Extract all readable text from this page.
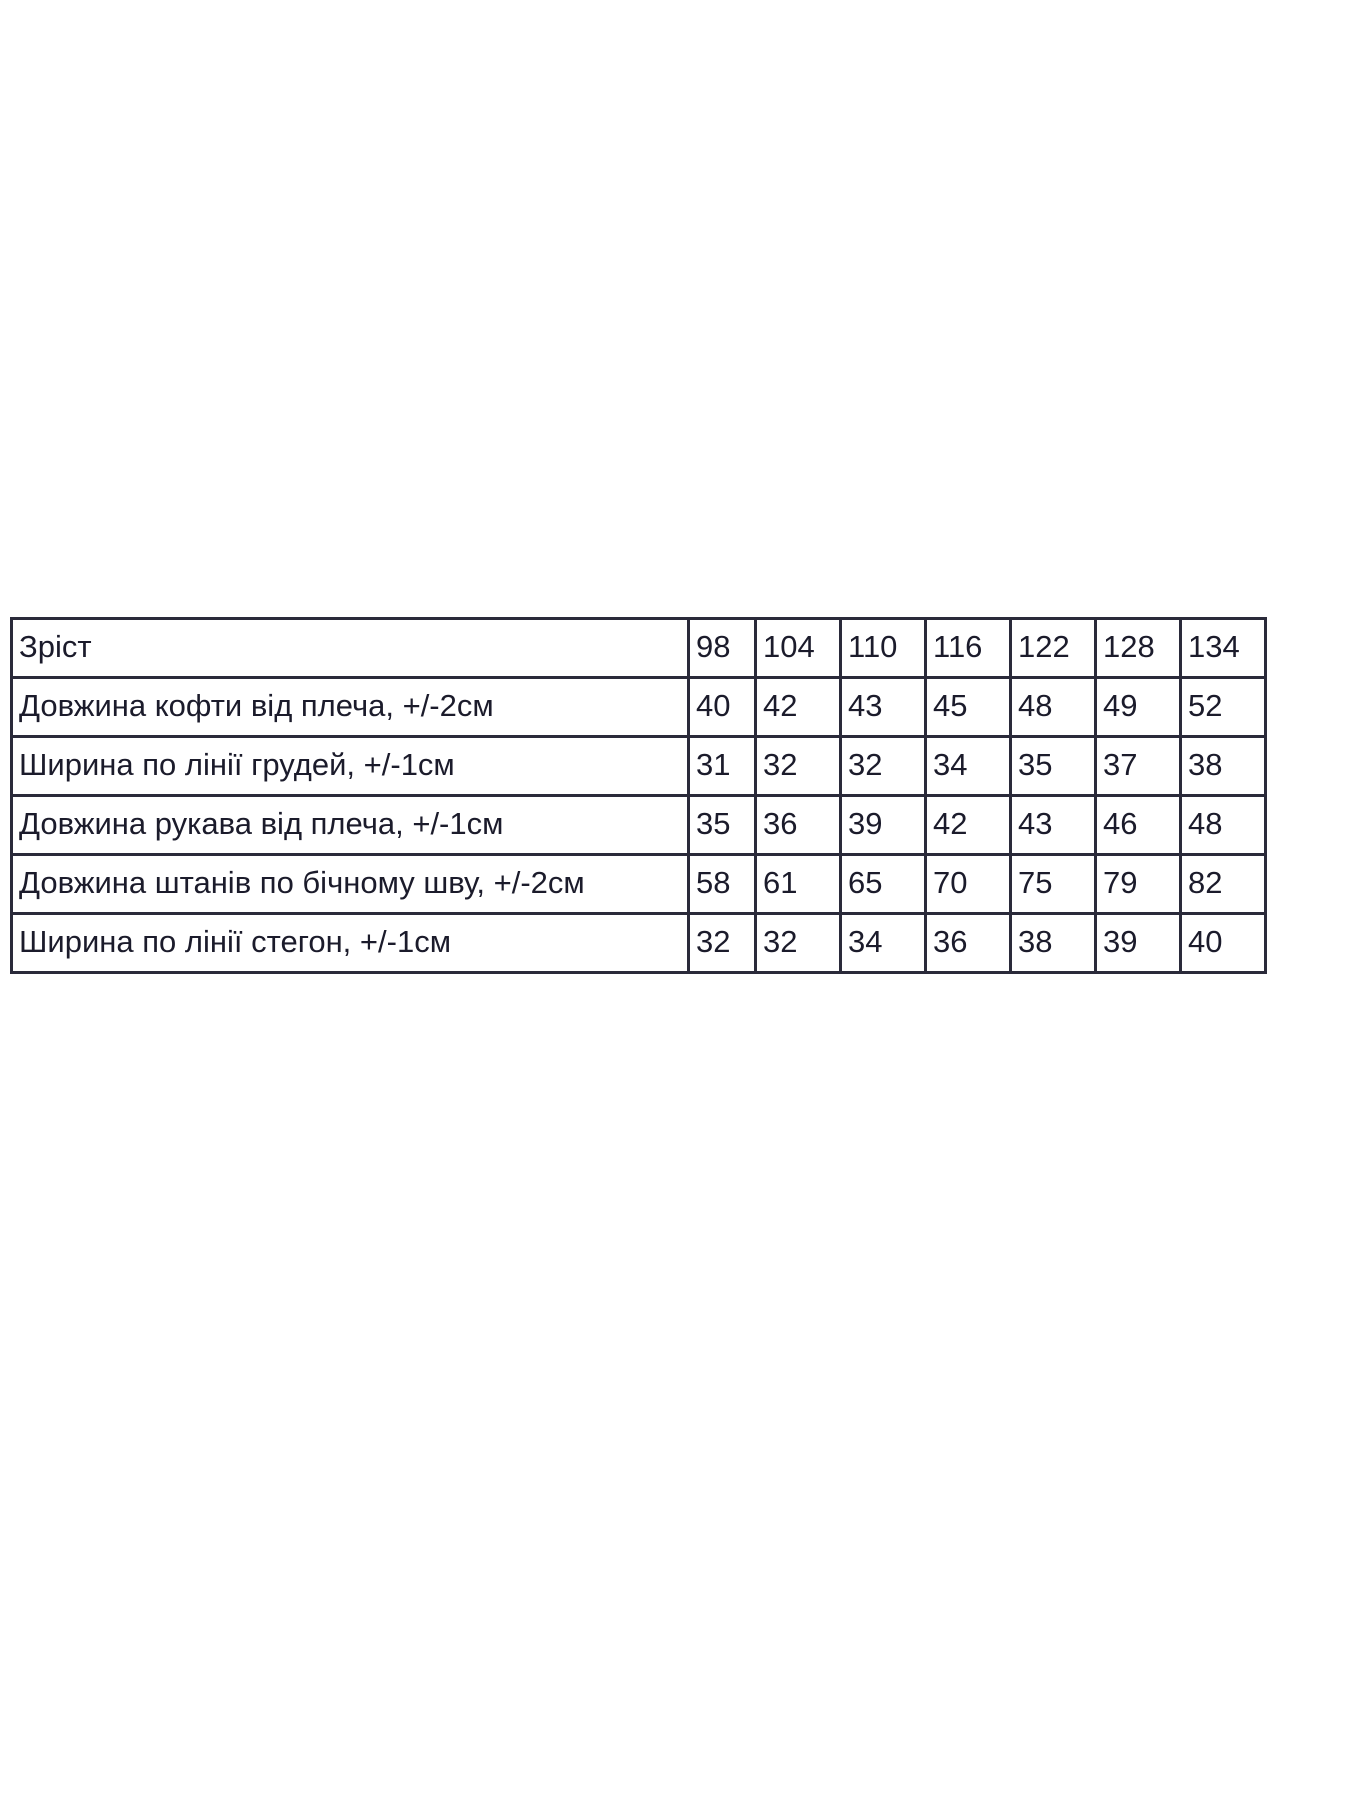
Зріст	98	104	110	116	122	128	134
Довжина кофти від плеча, +/-2см	40	42	43	45	48	49	52
Ширина по лінії грудей, +/-1см	31	32	32	34	35	37	38
Довжина рукава від плеча, +/-1см	35	36	39	42	43	46	48
Довжина штанів по бічному шву, +/-2см	58	61	65	70	75	79	82
Ширина по лінії стегон, +/-1см	32	32	34	36	38	39	40
